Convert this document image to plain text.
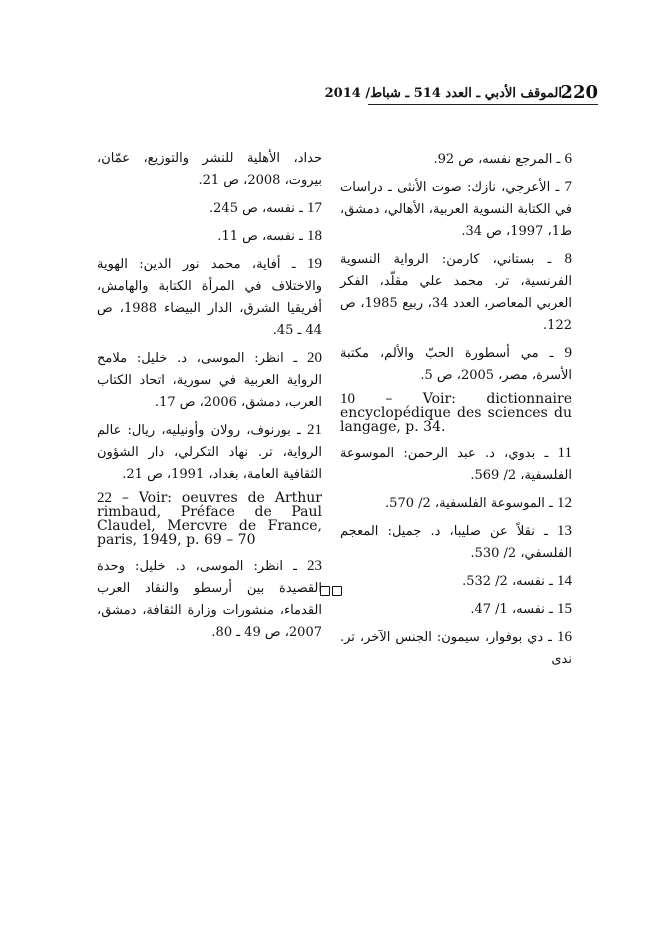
220
الموقف الأدبي ـ العدد 514 ـ شباط/ 2014

6 ـ المرجع نفسه، ص 92.

7 ـ الأعرجي، نازك: صوت الأنثى ـ دراسات في الكتابة النسوية العربية، الأهالي، دمشق، ط1، 1997، ص 34.

8 ـ بستاني، كارمن: الرواية النسوية الفرنسية، تر. محمد علي مقلّد، الفكر العربي المعاصر، العدد 34، ربيع 1985، ص 122.

9 ـ مي أسطورة الحبّ والألم، مكتبة الأسرة، مصر، 2005، ص 5.

10 – Voir: dictionnaire encyclopédique des sciences du langage, p. 34.

11 ـ بدوي، د. عبد الرحمن: الموسوعة الفلسفية، 2/ 569.

12 ـ الموسوعة الفلسفية، 2/ 570.

13 ـ نقلاً عن صليبا، د. جميل: المعجم الفلسفي، 2/ 530.

14 ـ نفسه، 2/ 532.

15 ـ نفسه، 1/ 47.

16 ـ دي بوفوار، سيمون: الجنس الآخر، تر. ندى

حداد، الأهلية للنشر والتوزيع، عمّان، بيروت، 2008، ص 21.

17 ـ نفسه، ص 245.

18 ـ نفسه، ص 11.

19 ـ أفاية، محمد نور الدين: الهوية والاختلاف في المرأة الكتابة والهامش، أفريقيا الشرق، الدار البيضاء 1988، ص 44 ـ 45.

20 ـ انظر: الموسى، د. خليل: ملامح الرواية العربية في سورية، اتحاد الكتاب العرب، دمشق، 2006، ص 17.

21 ـ بورنوف، رولان وأونيليه، ريال: عالم الرواية، تر. نهاد التكرلي، دار الشؤون الثقافية العامة، بغداد، 1991، ص 21.

22 – Voir: oeuvres de Arthur rimbaud, Préface de Paul Claudel, Mercvre de France, paris, 1949, p. 69 – 70

23 ـ انظر: الموسى، د. خليل: وحدة القصيدة بين أرسطو والنقاد العرب القدماء، منشورات وزارة الثقافة، دمشق، 2007، ص 49 ـ 80.
